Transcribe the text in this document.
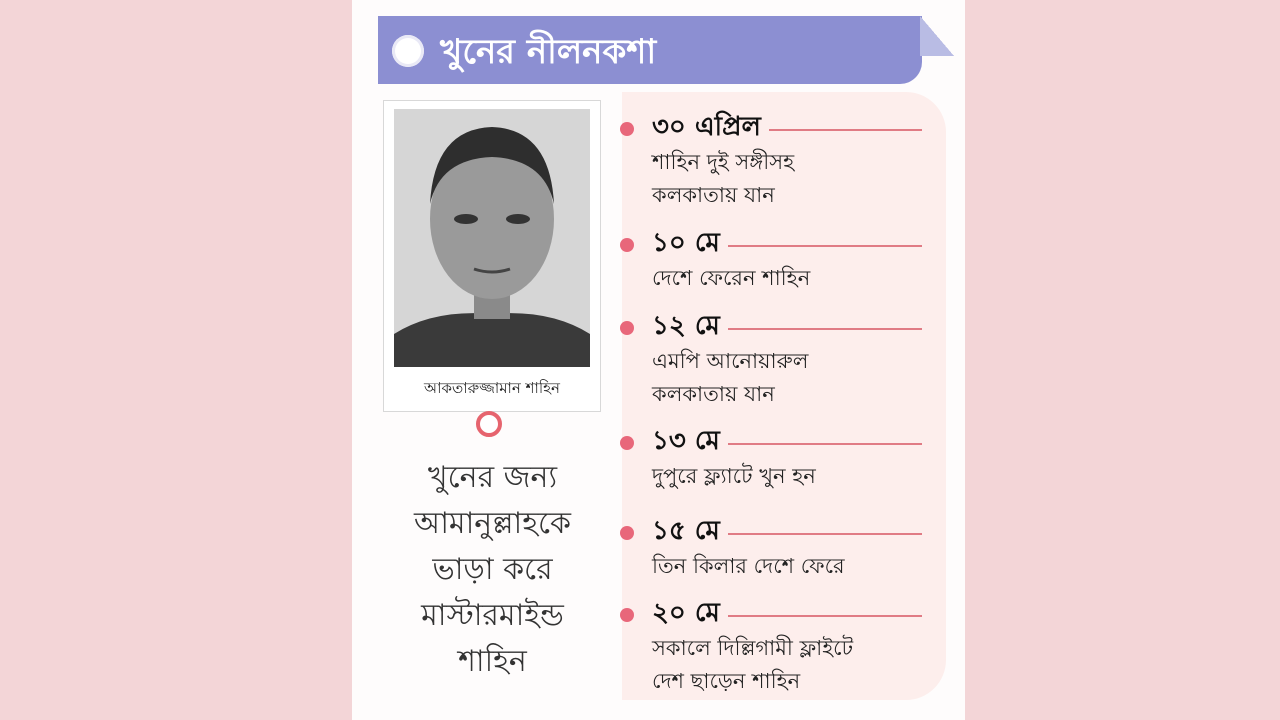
খুনের নীলনকশা
আকতারুজ্জামান শাহিন
খুনের জন্য
আমানুল্লাহকে
ভাড়া করে
মাস্টারমাইন্ড
শাহিন
৩০ এপ্রিল
শাহিন দুই সঙ্গীসহ
কলকাতায় যান
১০ মে
দেশে ফেরেন শাহিন
১২ মে
এমপি আনোয়ারুল
কলকাতায় যান
১৩ মে
দুপুরে ফ্ল্যাটে খুন হন
১৫ মে
তিন কিলার দেশে ফেরে
২০ মে
সকালে দিল্লিগামী ফ্লাইটে
দেশ ছাড়েন শাহিন
